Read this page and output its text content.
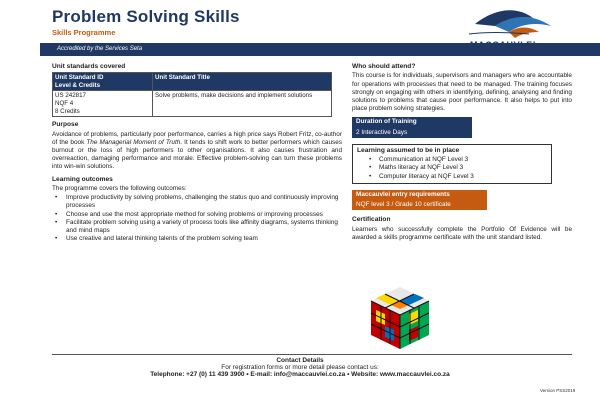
Problem Solving Skills
Skills Programme
Accredited by the Services Seta
Unit standards covered
Unit Standard ID
Level & Credits	Unit Standard Title

US 242817
NQF 4
8 Credits	Solve problems, make decisions and implement solutions
Purpose

Avoidance of problems, particularly poor performance, carries a high price says Robert Fritz, co-author of the book The Managerial Moment of Truth. It tends to shift work to better performers which causes burnout or the loss of high performers to other organisations. It also causes frustration and overreaction, damaging performance and morale. Effective problem-solving can turn these problems into win-win solutions.

Learning outcomes
The programme covers the following outcomes:
• Improve productivity by solving problems, challenging the status quo and continuously improving processes
• Choose and use the most appropriate method for solving problems or improving processes
• Facilitate problem solving using a variety of process tools like affinity diagrams, systems thinking and mind maps
• Use creative and lateral thinking talents of the problem solving team
Who should attend?

This course is for individuals, supervisors and managers who are accountable for operations with processes that need to be managed. The training focuses strongly on engaging with others in identifying, defining, analysing and finding solutions to problems that cause poor performance. It also helps to put into place problem solving strategies.

Duration of Training
2 Interactive Days
Learning assumed to be in place
• Communication at NQF Level 3
• Maths literacy at NQF Level 3
• Computer literacy at NQF Level 3
Maccauvlei entry requirements
NQF level 3 / Grade 10 certificate
Certification

Learners who successfully complete the Portfolio Of Evidence will be awarded a skills programme certificate with the unit standard listed.

Contact Details
For registration forms or more detail please contact us:
Telephone: +27 (0) 11 439 3900 • E-mail: info@maccauvlei.co.za • Website: www.maccauvlei.co.za
Version PSS2019
